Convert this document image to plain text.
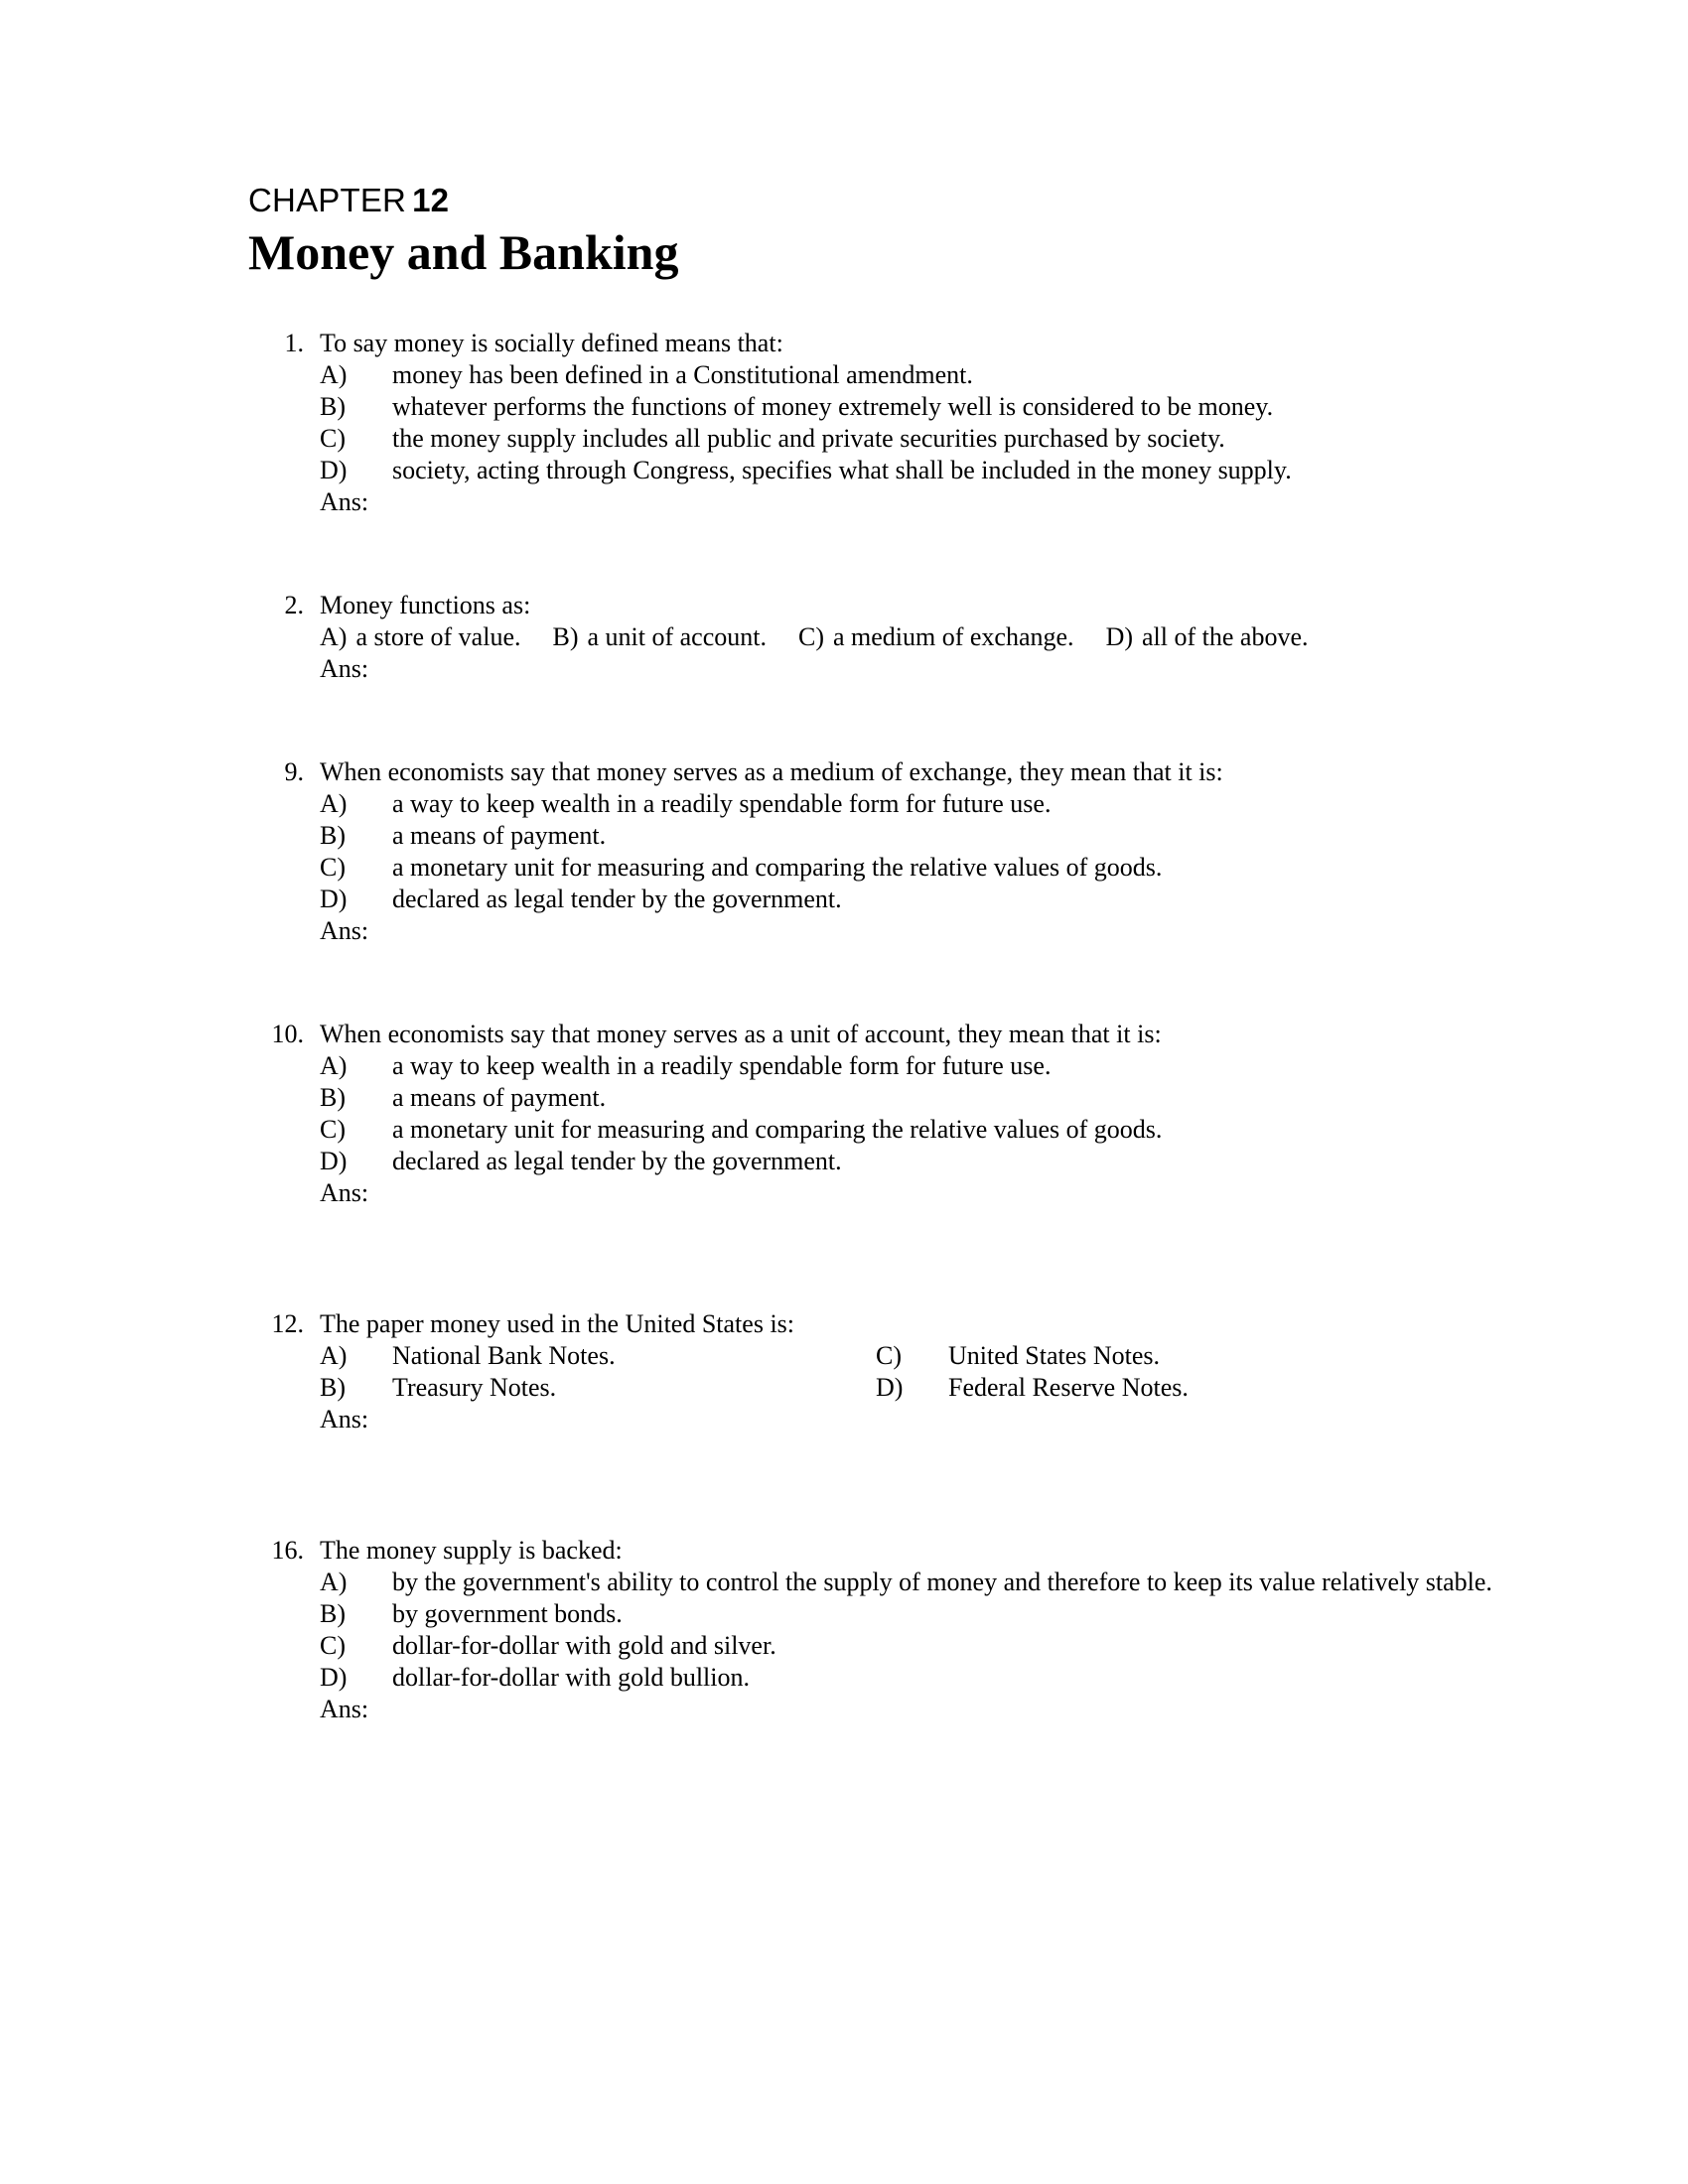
CHAPTER 12
Money and Banking
1. To say money is socially defined means that:
A)	money has been defined in a Constitutional amendment.
B)	whatever performs the functions of money extremely well is considered to be money.
C)	the money supply includes all public and private securities purchased by society.
D)	society, acting through Congress, specifies what shall be included in the money supply.
Ans:
2. Money functions as:
A) a store of value. B) a unit of account. C) a medium of exchange. D) all of the above.
Ans:
9. When economists say that money serves as a medium of exchange, they mean that it is:
A)	a way to keep wealth in a readily spendable form for future use.
B)	a means of payment.
C)	a monetary unit for measuring and comparing the relative values of goods.
D)	declared as legal tender by the government.
Ans:
10. When economists say that money serves as a unit of account, they mean that it is:
A)	a way to keep wealth in a readily spendable form for future use.
B)	a means of payment.
C)	a monetary unit for measuring and comparing the relative values of goods.
D)	declared as legal tender by the government.
Ans:
12. The paper money used in the United States is:
A)	National Bank Notes.
B)	Treasury Notes.
C)	United States Notes.
D)	Federal Reserve Notes.
Ans:
16. The money supply is backed:
A)	by the government's ability to control the supply of money and therefore to keep its value relatively stable.
B)	by government bonds.
C)	dollar-for-dollar with gold and silver.
D)	dollar-for-dollar with gold bullion.
Ans:
